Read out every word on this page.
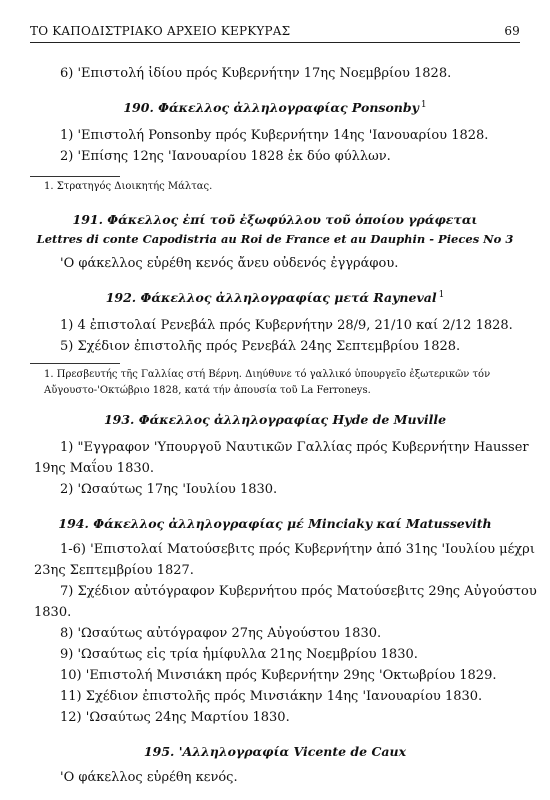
ΤΟ ΚΑΠΟΔΙΣΤΡΙΑΚΟ ΑΡΧΕΙΟ ΚΕΡΚΥΡΑΣ	69
6) 'Επιστολή ἰδίου πρός Κυβερνήτην 17ης Νοεμβρίου 1828.
190. Φάκελλος ἀλληλογραφίας Ponsonby $^1$
1) 'Επιστολή Ponsonby πρός Κυβερνήτην 14ης 'Ιανουαρίου 1828.
2) 'Επίσης 12ης 'Ιανουαρίου 1828 ἐκ δύο φύλλων.
1. Στρατηγός Διοικητής Μάλτας.
191. Φάκελλος ἐπί τοῦ ἐξωφύλλου τοῦ ὁποίου γράφεται
Lettres di conte Capodistria au Roi de France et au Dauphin - Pieces No 3
'Ο φάκελλος εὑρέθη κενός ἄνευ οὐδενός ἐγγράφου.
192. Φάκελλος ἀλληλογραφίας μετά Rayneval $^1$
1) 4 ἐπιστολαί Ρενεβάλ πρός Κυβερνήτην 28/9, 21/10 καί 2/12 1828.
5) Σχέδιον ἐπιστολῆς πρός Ρενεβάλ 24ης Σεπτεμβρίου 1828.
1. Πρεσβευτής τῆς Γαλλίας στή Βέρνη. Διηύθυνε τό γαλλικό ὑπουργεῖο ἐξωτερικῶν τόν
Αὔγουστο-'Οκτώβριο 1828, κατά τήν ἀπουσία τοῦ La Ferroneys.
193. Φάκελλος ἀλληλογραφίας Hyde de Muville
1) "Εγγραφον 'Υπουργοῦ Ναυτικῶν Γαλλίας πρός Κυβερνήτην Hausser
19ης Μαΐου 1830.
2) 'Ωσαύτως 17ης 'Ιουλίου 1830.
194. Φάκελλος ἀλληλογραφίας μέ Minciaky καί Matussevith
1-6) 'Επιστολαί Ματούσεβιτς πρός Κυβερνήτην ἀπό 31ης 'Ιουλίου μέχρι
23ης Σεπτεμβρίου 1827.
7) Σχέδιον αὐτόγραφον Κυβερνήτου πρός Ματούσεβιτς 29ης Αὐγούστου
1830.
8) 'Ωσαύτως αὐτόγραφον 27ης Αὐγούστου 1830.
9) 'Ωσαύτως εἰς τρία ἡμίφυλλα 21ης Νοεμβρίου 1830.
10) 'Επιστολή Μινσιάκη πρός Κυβερνήτην 29ης 'Οκτωβρίου 1829.
11) Σχέδιον ἐπιστολῆς πρός Μινσιάκην 14ης 'Ιανουαρίου 1830.
12) 'Ωσαύτως 24ης Μαρτίου 1830.
195. 'Αλληλογραφία Vicente de Caux
'Ο φάκελλος εὑρέθη κενός.
